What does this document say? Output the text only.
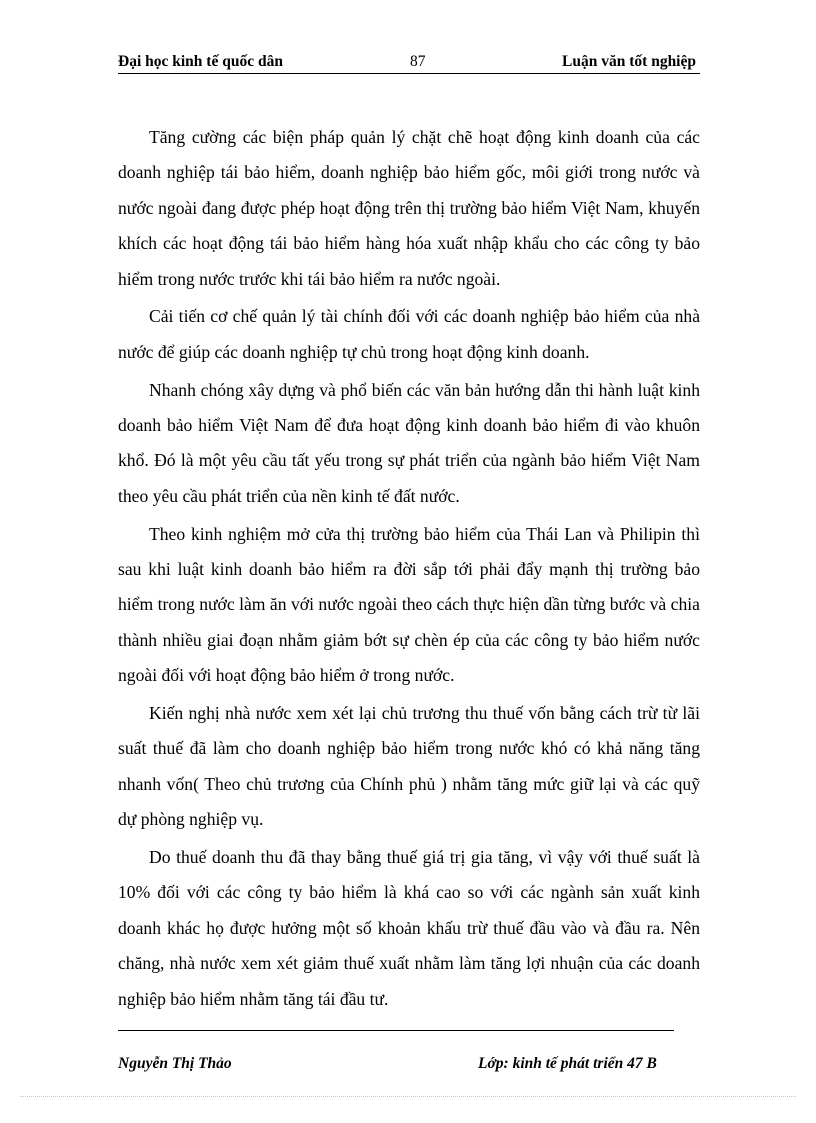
Đại học kinh tế quốc dân	87	Luận văn tốt nghiệp

Tăng cường các biện pháp quản lý chặt chẽ hoạt động kinh doanh của các doanh nghiệp tái bảo hiểm, doanh nghiệp bảo hiểm gốc, môi giới trong nước và nước ngoài đang được phép hoạt động trên thị trường bảo hiểm Việt Nam, khuyến khích các hoạt động tái bảo hiểm hàng hóa xuất nhập khẩu cho các công ty bảo hiểm trong nước trước khi tái bảo hiểm ra nước ngoài.

Cải tiến cơ chế quản lý tài chính đối với các doanh nghiệp bảo hiểm của nhà nước để giúp các doanh nghiệp tự chủ trong hoạt động kinh doanh.

Nhanh chóng xây dựng và phổ biến các văn bản hướng dẫn thi hành luật kinh doanh bảo hiểm Việt Nam để đưa hoạt động kinh doanh bảo hiểm đi vào khuôn khổ. Đó là một yêu cầu tất yếu trong sự phát triển của ngành bảo hiểm Việt Nam theo yêu cầu phát triển của nền kinh tế đất nước.

Theo kinh nghiệm mở cửa thị trường bảo hiểm của Thái Lan và Philipin thì sau khi luật kinh doanh bảo hiểm ra đời sắp tới phải đẩy mạnh thị trường bảo hiểm trong nước làm ăn với nước ngoài theo cách thực hiện dần từng bước và chia thành nhiều giai đoạn nhằm giảm bớt sự chèn ép của các công ty bảo hiểm nước ngoài đối với hoạt động bảo hiểm ở trong nước.

Kiến nghị nhà nước xem xét lại chủ trương thu thuế vốn bằng cách trừ từ lãi suất thuế đã làm cho doanh nghiệp bảo hiểm trong nước khó có khả năng tăng nhanh vốn( Theo chủ trương của Chính phủ ) nhằm tăng mức giữ lại và các quỹ dự phòng nghiệp vụ.

Do thuế doanh thu đã thay bằng thuế giá trị gia tăng, vì vậy với thuế suất là 10% đối với các công ty bảo hiểm là khá cao so với các ngành sản xuất kinh doanh khác họ được hưởng một số khoản khấu trừ thuế đầu vào và đầu ra. Nên chăng, nhà nước xem xét giảm thuế xuất nhằm làm tăng lợi nhuận của các doanh nghiệp bảo hiểm nhằm tăng tái đầu tư.

Nguyễn Thị Thảo	Lớp: kinh tế phát triển 47 B
